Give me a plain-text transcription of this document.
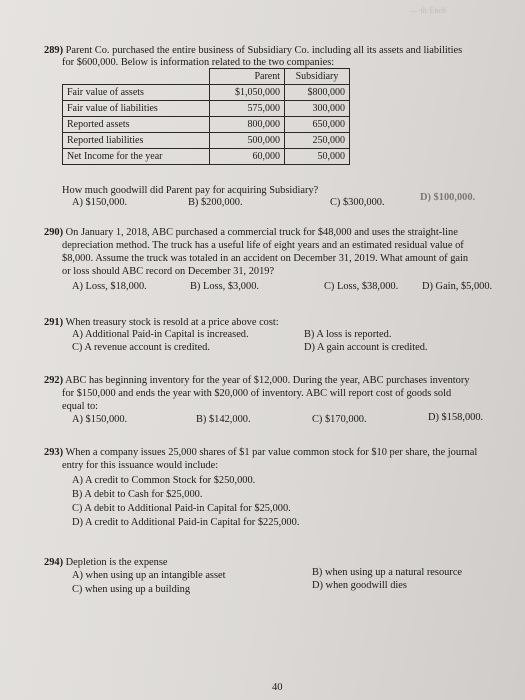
—·th·Ench
289) Parent Co. purchased the entire business of Subsidiary Co. including all its assets and liabilities
for $600,000. Below is information related to the two companies:
	Parent	Subsidiary
Fair value of assets	$1,050,000	$800,000
Fair value of liabilities	575,000	300,000
Reported assets	800,000	650,000
Reported liabilities	500,000	250,000
Net Income for the year	60,000	50,000
How much goodwill did Parent pay for acquiring Subsidiary?
A) $150,000.	B) $200,000.	C) $300,000.	D) $100,000.
290) On January 1, 2018, ABC purchased a commercial truck for $48,000 and uses the straight-line
depreciation method. The truck has a useful life of eight years and an estimated residual value of
$8,000. Assume the truck was totaled in an accident on December 31, 2019. What amount of gain
or loss should ABC record on December 31, 2019?
A) Loss, $18,000.	B) Loss, $3,000.	C) Loss, $38,000. D) Gain, $5,000.
291) When treasury stock is resold at a price above cost:
A) Additional Paid-in Capital is increased.	B) A loss is reported.
C) A revenue account is credited.	D) A gain account is credited.
292) ABC has beginning inventory for the year of $12,000. During the year, ABC purchases inventory
for $150,000 and ends the year with $20,000 of inventory. ABC will report cost of goods sold
equal to:
A) $150,000.	B) $142,000.	C) $170,000.	D) $158,000.
293) When a company issues 25,000 shares of $1 par value common stock for $10 per share, the journal
entry for this issuance would include:
A) A credit to Common Stock for $250,000.
B) A debit to Cash for $25,000.
C) A debit to Additional Paid-in Capital for $25,000.
D) A credit to Additional Paid-in Capital for $225,000.
294) Depletion is the expense
A) when using up an intangible asset	B) when using up a natural resource
C) when using up a building	D) when goodwill dies
40
